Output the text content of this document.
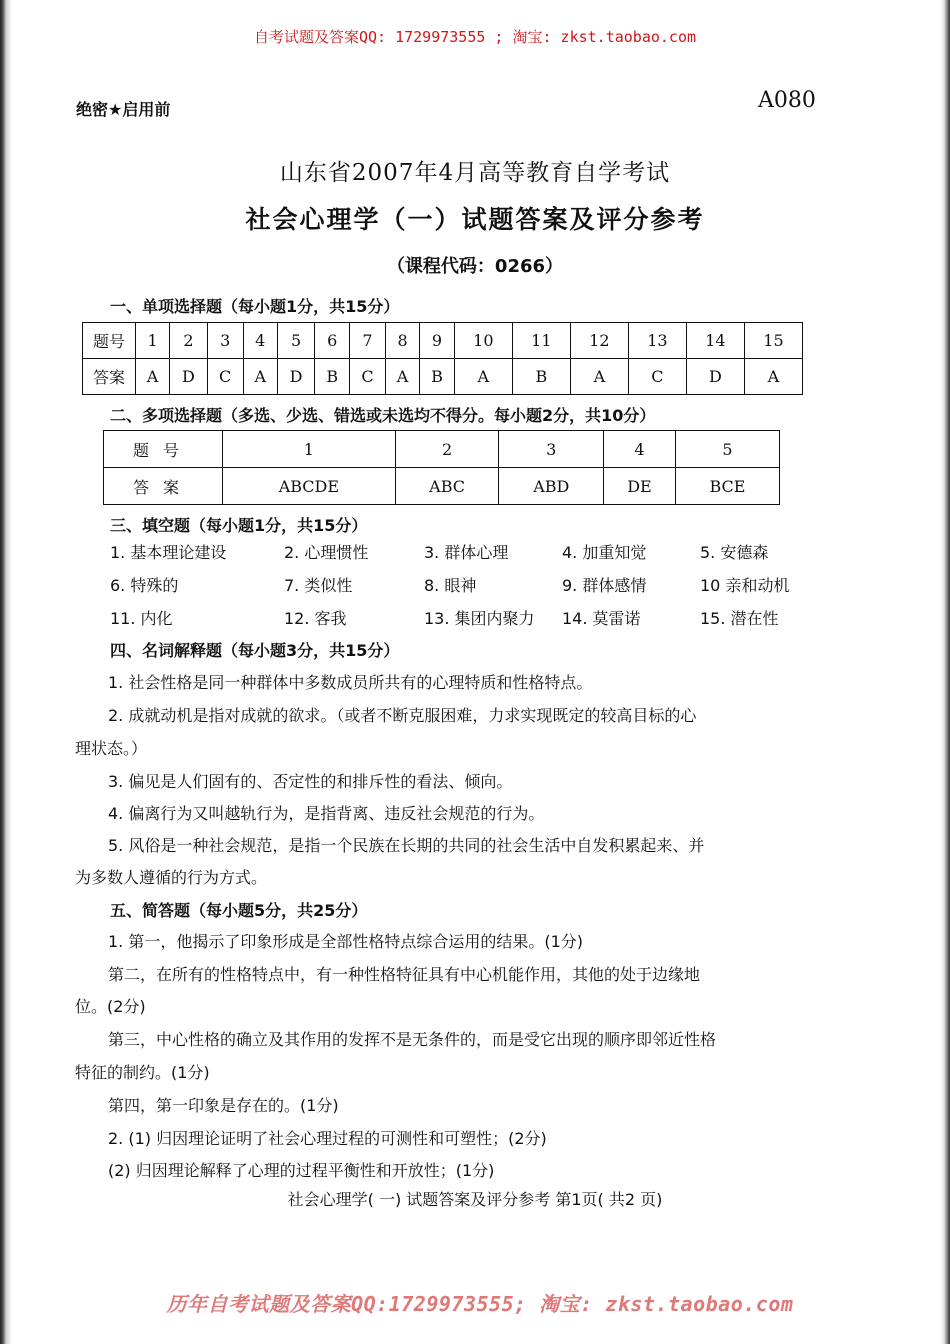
自考试题及答案QQ: 1729973555 ; 淘宝: zkst.taobao.com
绝密★启用前	A080
山东省2007年4月高等教育自学考试
社会心理学（一）试题答案及评分参考
（课程代码：0266）
一、单项选择题（每小题1分，共15分）
题号	1	2	3	4	5	6	7	8	9	10	11	12	13	14	15
答案	A	D	C	A	D	B	C	A	B	A	B	A	C	D	A
二、多项选择题（多选、少选、错选或未选均不得分。每小题2分，共10分）
题号	1	2	3	4	5
答案	ABCDE	ABC	ABD	DE	BCE
三、填空题（每小题1分，共15分）
1. 基本理论建设	2. 心理惯性	3. 群体心理	4. 加重知觉	5. 安德森
6. 特殊的	7. 类似性	8. 眼神	9. 群体感情	10 亲和动机
11. 内化	12. 客我	13. 集团内聚力 14. 莫雷诺	15. 潜在性
四、名词解释题（每小题3分，共15分）
1. 社会性格是同一种群体中多数成员所共有的心理特质和性格特点。
2. 成就动机是指对成就的欲求。（或者不断克服困难，力求实现既定的较高目标的心
理状态。）
3. 偏见是人们固有的、否定性的和排斥性的看法、倾向。
4. 偏离行为又叫越轨行为，是指背离、违反社会规范的行为。
5. 风俗是一种社会规范，是指一个民族在长期的共同的社会生活中自发积累起来、并
为多数人遵循的行为方式。
五、简答题（每小题5分，共25分）
1. 第一，他揭示了印象形成是全部性格特点综合运用的结果。(1分)
第二，在所有的性格特点中，有一种性格特征具有中心机能作用，其他的处于边缘地
位。(2分)
第三，中心性格的确立及其作用的发挥不是无条件的，而是受它出现的顺序即邻近性格
特征的制约。(1分)
第四，第一印象是存在的。(1分)
2. (1) 归因理论证明了社会心理过程的可测性和可塑性；(2分)
(2) 归因理论解释了心理的过程平衡性和开放性；(1分)
社会心理学( 一) 试题答案及评分参考 第1页( 共2 页)
历年自考试题及答案QQ:1729973555; 淘宝: zkst.taobao.com
